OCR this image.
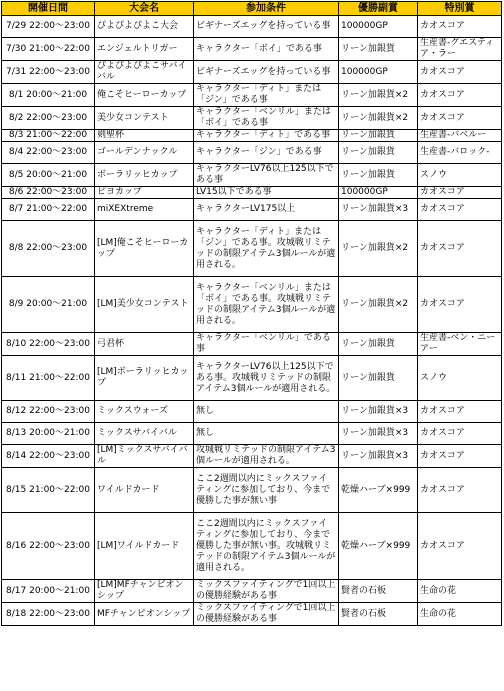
開催日間	大会名	参加条件	優勝副賞	特別賞
7/29 22:00～23:00	ぴよぴよぴよこ大会	ビギナーズエッグを持っている事	100000GP	カオスコア
7/30 21:00～22:00	エンジェルトリガー	キャラクター「ボイ」である事	リーン加銀貨	生産書-グエスティア・ラー
7/31 22:00～23:00	ぴよぴよぴよこサバイバル	ビギナーズエッグを持っている事	100000GP	カオスコア
8/1 20:00～21:00	俺こそヒーローカップ	キャラクター「ディト」または「ジン」である事	リーン加銀貨×2	カオスコア
8/2 22:00～23:00	美少女コンテスト	キャラクター「ベンリル」または「ボイ」である事	リーン加銀貨×2	カオスコア
8/3 21:00～22:00	剣聖杯	キャラクター「ディト」である事	リーン加銀貨	生産書-バベルー
8/4 22:00～23:00	ゴールデンナックル	キャラクター「ジン」である事	リーン加銀貨	生産書-バロック-
8/5 20:00～21:00	ボーラリッヒカップ	キャラクターLV76以上125以下である事	リーン加銀貨	スノウ
8/6 22:00～23:00	ピヨカップ	LV15以下である事	100000GP	カオスコア
8/7 21:00～22:00	miXEXtreme	キャラクターLV175以上	リーン加銀貨×3	カオスコア
8/8 22:00～23:00	[LM]俺こそヒーローカップ	キャラクター「ディト」または「ジン」である事。攻城戦リミテッドの制限アイテム3個ルールが適用される。	リーン加銀貨×2	カオスコア
8/9 20:00～21:00	[LM]美少女コンテスト	キャラクター「ベンリル」または「ボイ」である事。攻城戦リミテッドの制限アイテム3個ルールが適用される。	リーン加銀貨×2	カオスコア
8/10 22:00～23:00	弓君杯	キャラクター「ベンリル」である事	リーン加銀貨	生産書-ベン・ニーアー
8/11 21:00～22:00	[LM]ボーラリッヒカップ	キャラクターLV76以上125以下である事。攻城戦リミテッドの制限アイテム3個ルールが適用される。	リーン加銀貨	スノウ
8/12 22:00～23:00	ミックスウォーズ	無し	リーン加銀貨×3	カオスコア
8/13 20:00～21:00	ミックスサバイバル	無し	リーン加銀貨×3	カオスコア
8/14 22:00～23:00	[LM]ミックスサバイバル	攻城戦リミテッドの制限アイテム3個ルールが適用される。	リーン加銀貨×3	カオスコア
8/15 21:00～22:00	ワイルドカード	ここ2週間以内にミックスファイティングに参加しており、今まで優勝した事が無い事	乾燥ハーブ×999	カオスコア
8/16 22:00～23:00	[LM]ワイルドカード	ここ2週間以内にミックスファイティングに参加しており、今まで優勝した事が無い事。攻城戦リミテッドの制限アイテム3個ルールが適用される。	乾燥ハーブ×999	カオスコア
8/17 20:00～21:00	[LM]MFチャンピオンシップ	ミックスファイティングで1回以上の優勝経験がある事	賢者の石板	生命の花
8/18 22:00～23:00	MFチャンピオンシップ	ミックスファイティングで1回以上の優勝経験がある事	賢者の石板	生命の花
